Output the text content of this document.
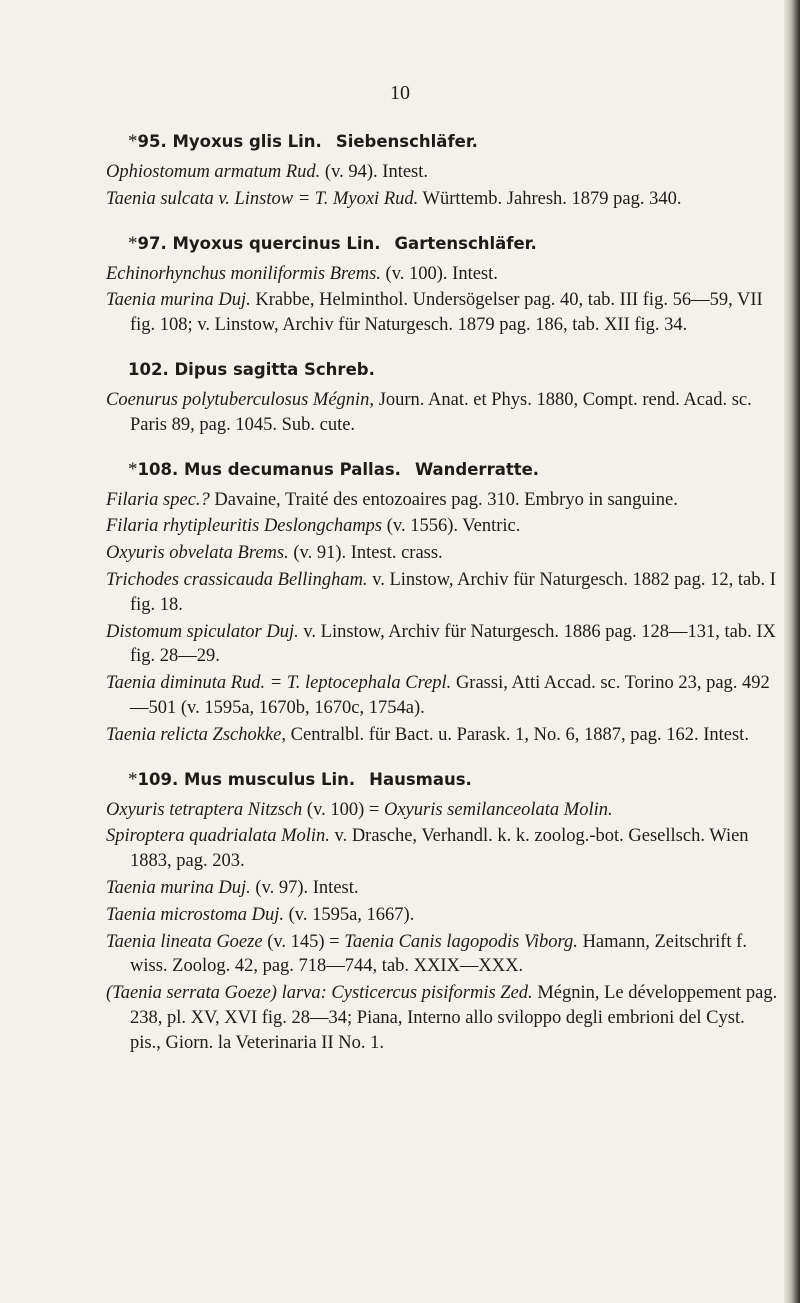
10
*95. Myoxus glis Lin. Siebenschläfer.
Ophiostomum armatum Rud. (v. 94). Intest.
Taenia sulcata v. Linstow = T. Myoxi Rud. Württemb. Jahresh. 1879 pag. 340.
*97. Myoxus quercinus Lin. Gartenschläfer.
Echinorhynchus moniliformis Brems. (v. 100). Intest.
Taenia murina Duj. Krabbe, Helminthol. Undersögelser pag. 40, tab. III fig. 56—59, VII fig. 108; v. Linstow, Archiv für Naturgesch. 1879 pag. 186, tab. XII fig. 34.
102. Dipus sagitta Schreb.
Coenurus polytuberculosus Mégnin, Journ. Anat. et Phys. 1880, Compt. rend. Acad. sc. Paris 89, pag. 1045. Sub. cute.
*108. Mus decumanus Pallas. Wanderratte.
Filaria spec.? Davaine, Traité des entozoaires pag. 310. Embryo in sanguine.
Filaria rhytipleuritis Deslongchamps (v. 1556). Ventric.
Oxyuris obvelata Brems. (v. 91). Intest. crass.
Trichodes crassicauda Bellingham. v. Linstow, Archiv für Naturgesch. 1882 pag. 12, tab. I fig. 18.
Distomum spiculator Duj. v. Linstow, Archiv für Naturgesch. 1886 pag. 128—131, tab. IX fig. 28—29.
Taenia diminuta Rud. = T. leptocephala Crepl. Grassi, Atti Accad. sc. Torino 23, pag. 492—501 (v. 1595a, 1670b, 1670c, 1754a).
Taenia relicta Zschokke, Centralbl. für Bact. u. Parask. 1, No. 6, 1887, pag. 162. Intest.
*109. Mus musculus Lin. Hausmaus.
Oxyuris tetraptera Nitzsch (v. 100) = Oxyuris semilanceolata Molin.
Spiroptera quadrialata Molin. v. Drasche, Verhandl. k. k. zoolog.-bot. Gesellsch. Wien 1883, pag. 203.
Taenia murina Duj. (v. 97). Intest.
Taenia microstoma Duj. (v. 1595a, 1667).
Taenia lineata Goeze (v. 145) = Taenia Canis lagopodis Viborg. Hamann, Zeitschrift f. wiss. Zoolog. 42, pag. 718—744, tab. XXIX—XXX.
(Taenia serrata Goeze) larva: Cysticercus pisiformis Zed. Mégnin, Le développement pag. 238, pl. XV, XVI fig. 28—34; Piana, Interno allo sviloppo degli embrioni del Cyst. pis., Giorn. la Veterinaria II No. 1.
